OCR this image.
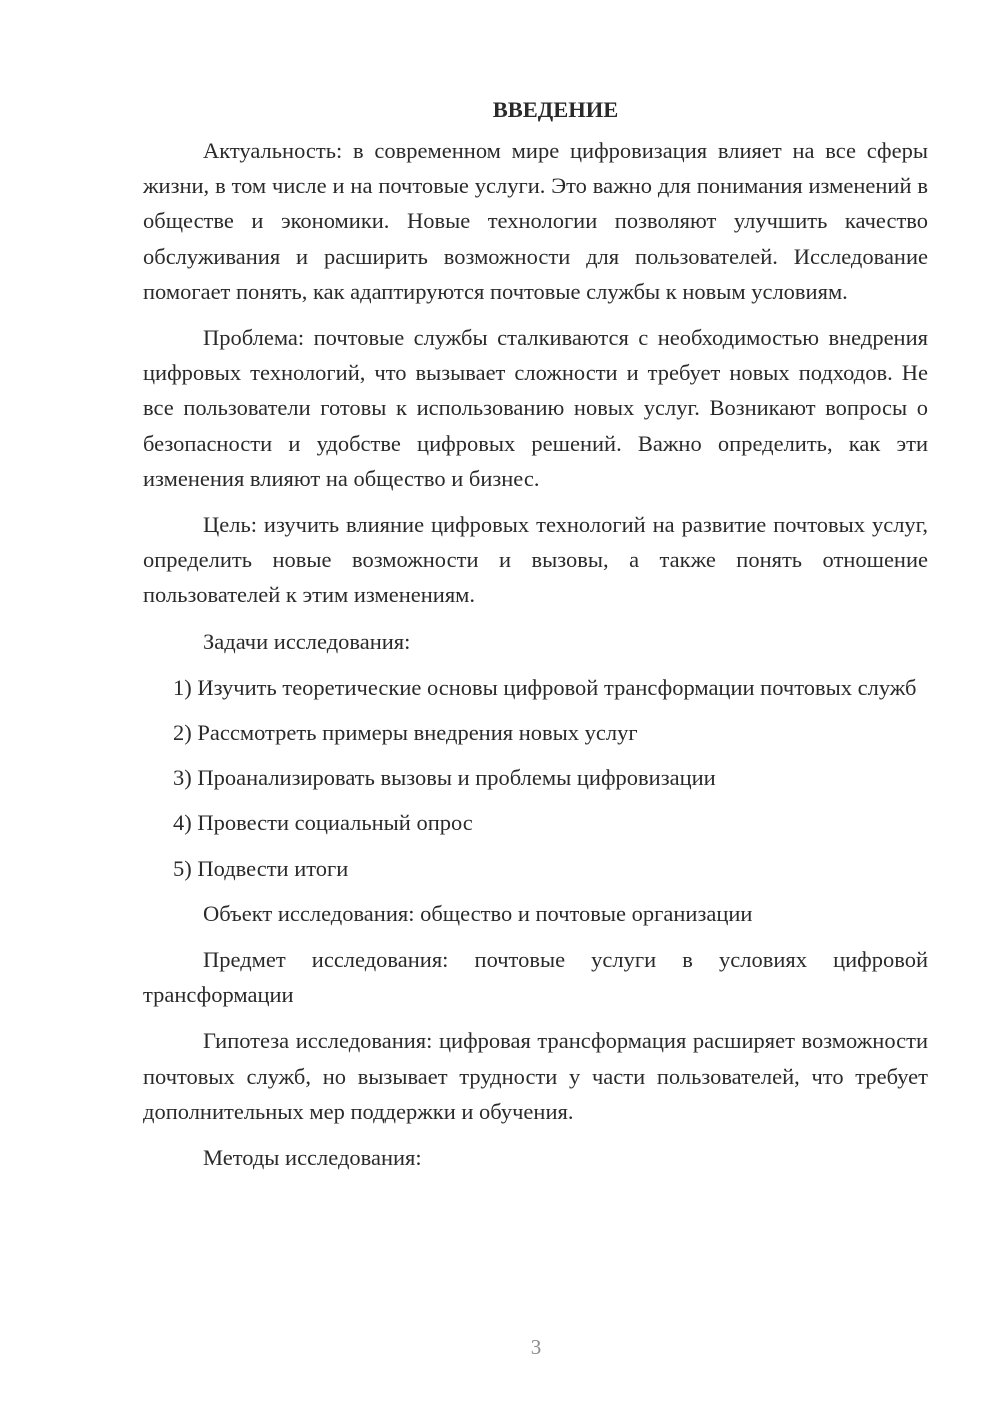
ВВЕДЕНИЕ

Актуальность: в современном мире цифровизация влияет на все сферы жизни, в том числе и на почтовые услуги. Это важно для понимания изменений в обществе и экономики. Новые технологии позволяют улучшить качество обслуживания и расширить возможности для пользователей. Исследование помогает понять, как адаптируются почтовые службы к новым условиям.

Проблема: почтовые службы сталкиваются с необходимостью внедрения цифровых технологий, что вызывает сложности и требует новых подходов. Не все пользователи готовы к использованию новых услуг. Возникают вопросы о безопасности и удобстве цифровых решений. Важно определить, как эти изменения влияют на общество и бизнес.

Цель: изучить влияние цифровых технологий на развитие почтовых услуг, определить новые возможности и вызовы, а также понять отношение пользователей к этим изменениям.

Задачи исследования:

1) Изучить теоретические основы цифровой трансформации почтовых служб

2) Рассмотреть примеры внедрения новых услуг

3) Проанализировать вызовы и проблемы цифровизации

4) Провести социальный опрос

5) Подвести итоги

Объект исследования: общество и почтовые организации

Предмет исследования: почтовые услуги в условиях цифровой трансформации

Гипотеза исследования: цифровая трансформация расширяет возможности почтовых служб, но вызывает трудности у части пользователей, что требует дополнительных мер поддержки и обучения.

Методы исследования:

3
